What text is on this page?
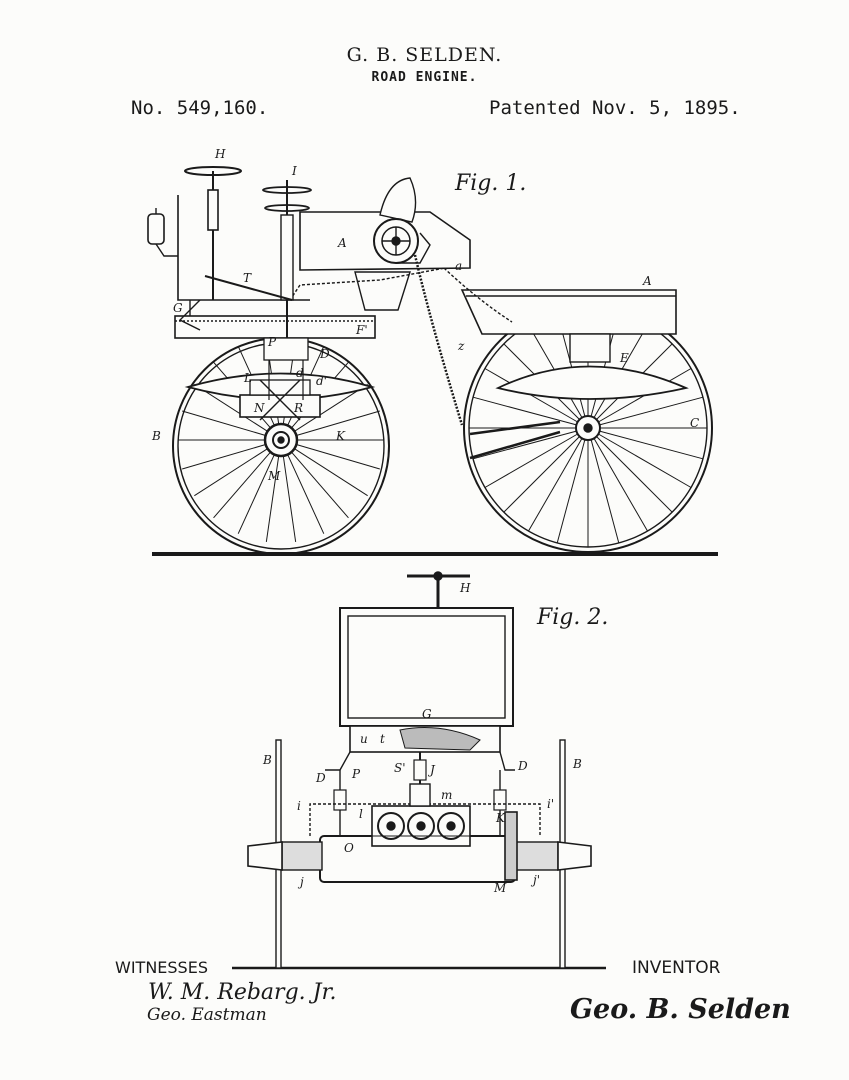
G. B. SELDEN.
ROAD ENGINE.
No. 549,160.	Patented Nov. 5, 1895.
Fig. 1.
H
I
A
A
a
T
G
F'
P
D
L	d
d'
N R
B	K
M
z
E
C
Fig. 2.
H
G
B	B
D
D
P
u t
S' J
m
i	i'
l	K
O
j	j'
M
WITNESSES	INVENTOR
W. M. Rebarg. Jr.
Geo. Eastman	Geo. B. Selden
